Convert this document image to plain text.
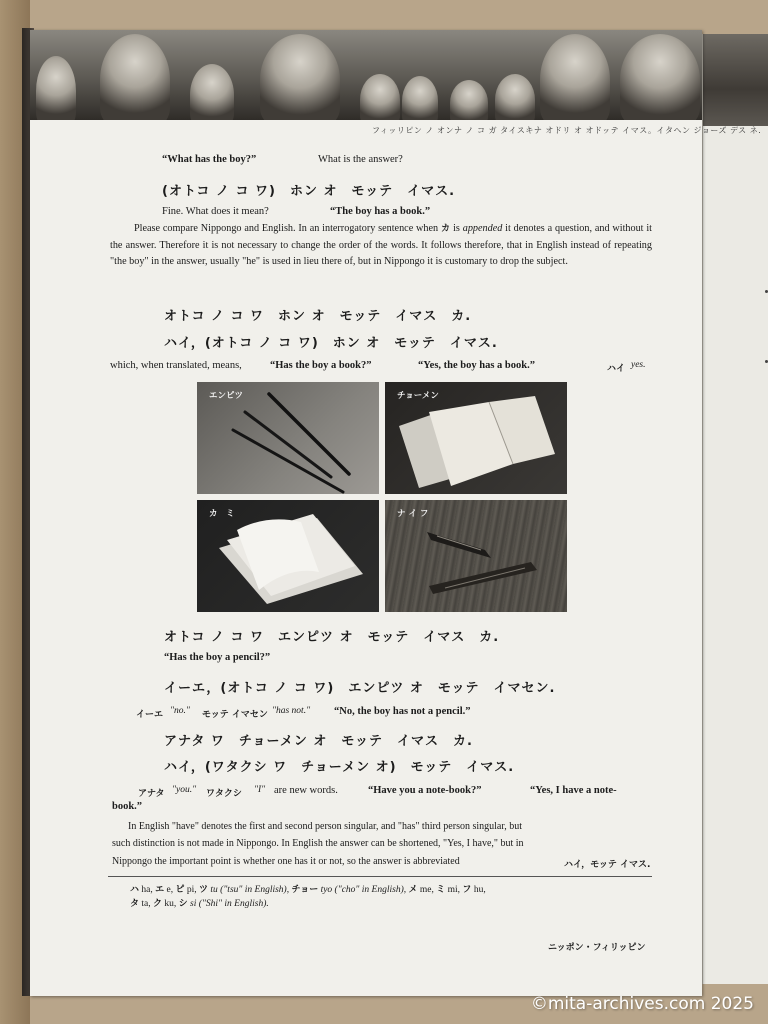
フィッリピン ノ オンナ ノ コ ガ タイスキナ オドリ オ オドッテ イマス。イタヘン ジョーズ デス ネ.
“What has the boy?”	What is the answer?
(オトコ ノ コ ワ)　ホン オ　モッテ　イマス.
Fine. What does it mean?	“The boy has a book.”
Please compare Nippongo and English. In an interrogatory sentence when カ is appended it denotes a question, and without it the answer. Therefore it is not necessary to change the order of the words. It follows therefore, that in English instead of repeating "the boy" in the answer, usually "he" is used in lieu there of, but in Nippongo it is customary to drop the subject.
オトコ ノ コ ワ　ホン オ　モッテ　イマス　カ.
ハイ，(オトコ ノ コ ワ)　ホン オ　モッテ　イマス.
which, when translated, means,	“Has the boy a book?”	“Yes, the boy has a book.”	ハイ yes.
エンピツ	チョーメン
カ　ミ	ナ イ フ
オトコ ノ コ ワ　エンピツ オ　モッテ　イマス　カ.
“Has the boy a pencil?”
イーエ，(オトコ ノ コ ワ)　エンピツ オ　モッテ　イマセン.
イーエ "no." モッテ イマセン "has not." “No, the boy has not a pencil.”
アナタ ワ　チョーメン オ　モッテ　イマス　カ.
ハイ，(ワタクシ ワ　チョーメン オ)　モッテ　イマス.
アナタ "you." ワタクシ "I" are new words.	“Have you a note-book?”	“Yes, I have a note-
book.”
In English "have" denotes the first and second person singular, and "has" third person singular, but
such distinction is not made in Nippongo. In English the answer can be shortened, "Yes, I have," but in
Nippongo the important point is whether one has it or not, so the answer is abbreviated	ハイ，モッテ イマス.
ハ ha, エ e, ピ pi, ツ tu ("tsu" in English), チョー tyo ("cho" in English), メ me, ミ mi, フ hu,
タ ta, ク ku, シ si ("Shi" in English).
ニッポン・フィリッピン
©mita-archives.com 2025
